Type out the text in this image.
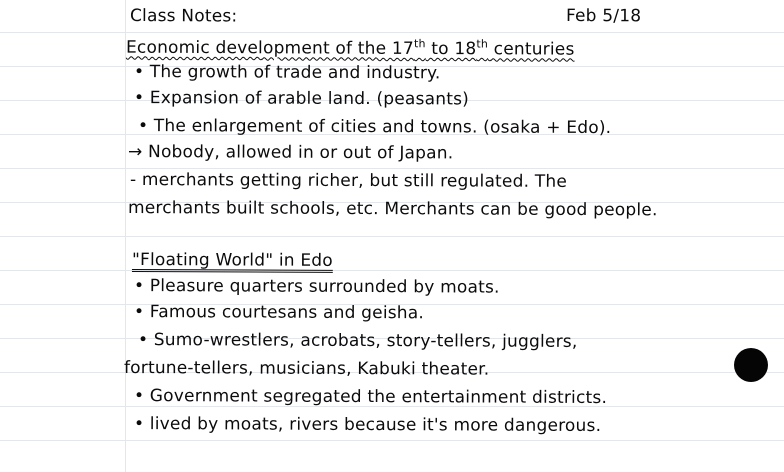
Class Notes:	Feb 5/18
Economic development of the 17th to 18th centuries
• The growth of trade and industry.
• Expansion of arable land. (peasants)
• The enlargement of cities and towns. (osaka + Edo).
→ Nobody, allowed in or out of Japan.
- merchants getting richer, but still regulated. The
merchants built schools, etc. Merchants can be good people.
"Floating World" in Edo
• Pleasure quarters surrounded by moats.
• Famous courtesans and geisha.
• Sumo-wrestlers, acrobats, story-tellers, jugglers,
fortune-tellers, musicians, Kabuki theater.
• Government segregated the entertainment districts.
• lived by moats, rivers because it's more dangerous.
